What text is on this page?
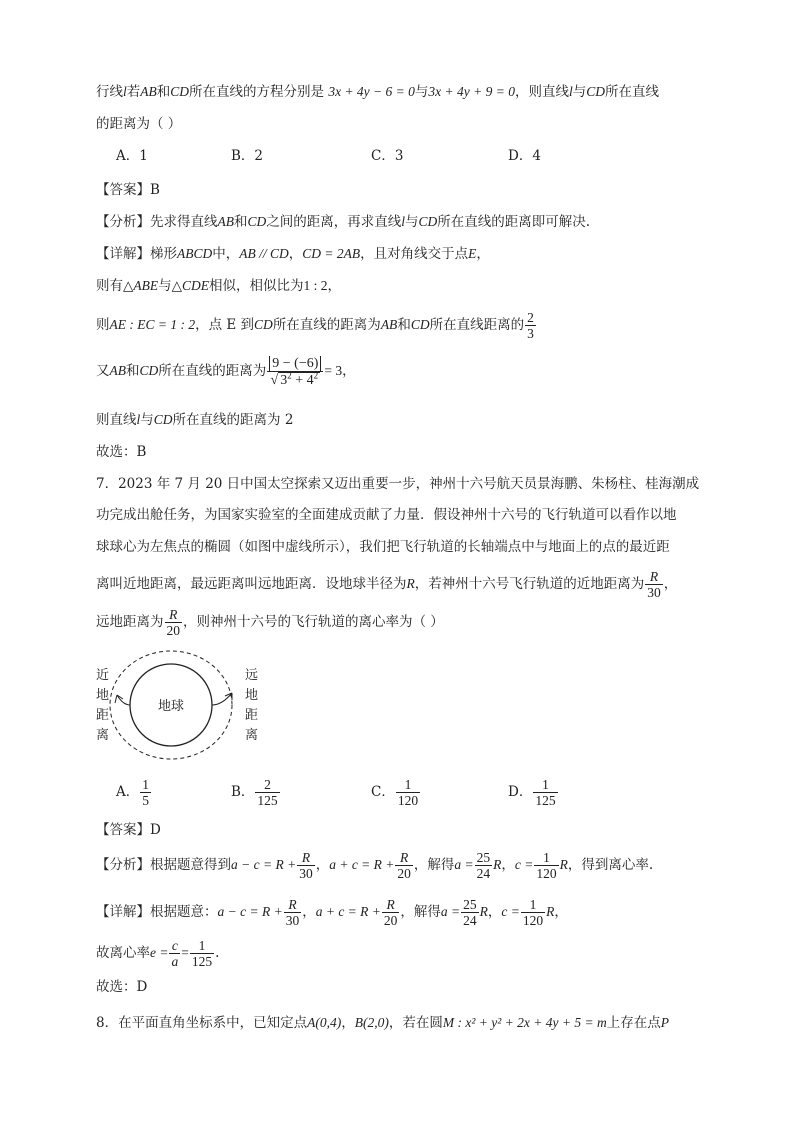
行线l若AB和CD所在直线的方程分别是 3x + 4y − 6 = 0与3x + 4y + 9 = 0，则直线l与CD所在直线
的距离为（ ）
A．1	B．2	C．3	D．4
【答案】B
【分析】先求得直线AB和CD之间的距离，再求直线l与CD所在直线的距离即可解决.
【详解】梯形ABCD中，AB // CD，CD = 2AB，且对角线交于点E，
则有△ABE与△CDE相似，相似比为1 : 2，
则AE : EC = 1 : 2，点 E 到CD所在直线的距离为AB和CD所在直线距离的 $\frac{2}{3}$
又AB和CD所在直线的距离为 $\frac{9 - (-6)}{√ 3^2 + 4^2} = 3$，
则直线l与CD所在直线的距离为 2
故选：B
7．2023 年 7 月 20 日中国太空探索又迈出重要一步，神州十六号航天员景海鹏、朱杨柱、桂海潮成
功完成出舱任务，为国家实验室的全面建成贡献了力量．假设神州十六号的飞行轨道可以看作以地
球球心为左焦点的椭圆（如图中虚线所示），我们把飞行轨道的长轴端点中与地面上的点的最近距
离叫近地距离，最远距离叫远地距离．设地球半径为R，若神州十六号飞行轨道的近地距离为 $\frac{R}{30}$ ，
远地距离为 $\frac{R}{20}$ ，则神州十六号的飞行轨道的离心率为（ ）
地球
近
地
距
离
远
地
距
离
A． $\frac{1}{5}$	B． $\frac{2}{125}$	C． $\frac{1}{120}$	D． $\frac{1}{125}$
【答案】D
【分析】根据题意得到$a - c = R + \frac{R}{30}$ ，$a + c = R + \frac{R}{20}$ ，解得$a = \frac{25}{24}$ R，$c = \frac{1}{120}$ R，得到离心率.
【详解】根据题意：$a - c = R + \frac{R}{30}$ ，$a + c = R + \frac{R}{20}$ ，解得$a = \frac{25}{24}$ R，$c = \frac{1}{120}$ R，
故离心率$e = \frac{c}{a} = \frac{1}{125}$ .
故选：D
8．在平面直角坐标系中，已知定点A(0,4)，B(2,0)，若在圆M : x² + y² + 2x + 4y + 5 = m上存在点P
